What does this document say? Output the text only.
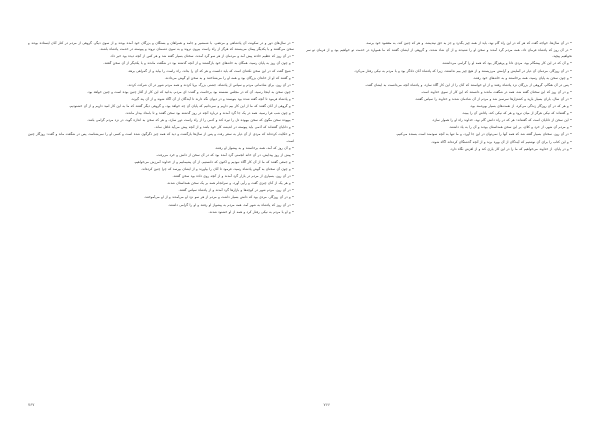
• در سال‌های دور و در سکونت آن پادشاهی و مرتضی، با شمشیر و جامه و همراهان و بستگان و بزرگان خود آمده بودند و از سوی دیگر، گروهی از مردم در کنار آنان ایستاده بودند و سخن می‌گفتند و با یکدیگر پیمان می‌بستند که هرگز از راه راست بیرون نروند و به سوی دشمنان نروند و پیوسته در خدمت پادشاه باشند.

• در آن روز که عظیم حادثه پیش آمد و مردمان از هر سو گرد آمدند، سخنان بسیار گفته شد و هر کس از آنچه دیده بود خبر داد.

• و چون آن روز به پایان رسید، همگان به خانه‌های خود بازگشتند و از آنچه گذشته بود در شگفت ماندند و با یکدیگر از آن سخن گفتند.

• شیخ گفت که در این سخن نکته‌ای است که باید دانست و هر که آن را بداند، راه راست را بیابد و از گمراهی برهد.

• و گفتند که او از خاندان بزرگان بود و همه او را می‌شناختند و به سخن او گوش می‌دادند.

• در آن روز، برای شادمانی مردم و سپاس از پادشاه، جشنی بزرگ برپا کردند و همه مردم شهر در آن شرکت کردند.

• چون سخن به اینجا رسید، آن که در مجلس نشسته بود برخاست و گفت: ای مردم، بدانید که این کار از آغاز چنین بوده است و چنین خواهد بود.

• و پادشاه فرمود تا آنچه گفته شده بود بنویسند و در دیوان نگه دارند تا آیندگان از آن آگاه شوند و از آن پند گیرند.

• و گروهی از آنان گفتند که ما از این کار بیم داریم و نمی‌دانیم که پایان آن چه خواهد بود، و گروهی دیگر گفتند که ما به این کار امید داریم و از آن خشنودیم.

• و چون شب فرا رسید، همه در یک جا گرد آمدند و درباره آنچه در روز گذشته بود سخن گفتند و تا بامداد بیدار ماندند.

• بیهوده سخن مگوی که سخن بیهوده دل را تیره کند و آدمی را از راه راست دور سازد، و هر که سخن به اندازه گوید، در نزد مردم گرامی باشد.

• و دانایان گفته‌اند که آدمی باید پیوسته در اندیشه کار خود باشد و از آنچه پیش می‌آید غافل نماند.

• و حکایت کرده‌اند که مردی از آن دیار به سفر رفت و پس از سال‌ها بازگشت و دید که همه چیز دگرگون شده است و کسی او را نمی‌شناسد، پس در شگفت ماند و گفت: روزگار چنین است.

• و آن روز که آمد، همه برخاستند و به پیشواز او رفتند.

• پیش از روز پیدایش، در آن خانه انجمنی گرد آمده بود که در آن سخن از دانش و خرد می‌رفت.

• و جمعی گفتند که ما از آن کار آگاه نبودیم و اکنون که دانستیم، از آن پشیمانیم و از خداوند آمرزش می‌خواهیم.

• و چون آن سخنان به گوش پادشاه رسید، فرمود تا آنان را بیاورند و از ایشان بپرسد که چرا چنین کرده‌اند.

• در آن روز، بسیاری از مردم در بازار گرد آمدند و از آنچه روی داده بود سخن گفتند.

• و هر یک از آنان چیزی گفت و رأیی آورد، و سرانجام همه بر یک سخن همداستان شدند.

• در آن روز، مردم شهر در کوچه‌ها و بازارها گرد آمدند و از پادشاه سپاس گفتند.

• و در آن روزگار، مردی بود که دانش بسیار داشت و مردم از هر سو نزد او می‌آمدند و از او می‌آموختند.

• در آن روز که پادشاه به شهر آمد، همه مردم به پیشواز او رفتند و او را گرامی داشتند.

• و او با مردم به نیکی رفتار کرد و همه از او خشنود شدند.

• در آن سال‌ها، خواجه گفت که هر که در این راه گام نهد، باید از همه چیز بگذرد و جز به حق نیندیشد، و هر که چنین کند، به مقصود خود برسد.

• در آن روز که پادشاه فرمان داد، همه مردم گرد آمدند و سخن او را شنیدند و از آن شاد شدند، و گروهی از ایشان گفتند که ما همواره در خدمت تو خواهیم بود و از فرمان تو سر نخواهیم پیچید.

• و آن که در این کار پیشگام بود، مردی دانا و پرهیزگار بود که همه او را گرامی می‌داشتند.

• در آن روزگار، مردمان آن دیار در آسایش و آرامش می‌زیستند و از هیچ چیز بیم نداشتند، زیرا که پادشاه آنان دادگر بود و با مردم به نیکی رفتار می‌کرد.

• و چون سخن به پایان رسید، همه برخاستند و به خانه‌های خود رفتند.

• پس در آن هنگام، گروهی از بزرگان نزد پادشاه رفتند و از او خواستند که آنان را از این کار آگاه سازد، و پادشاه آنچه می‌دانست به ایشان گفت.

• و در آن روز که این سخنان گفته شد، همه در شگفت ماندند و دانستند که این کار از سوی خداوند است.

• در آن سال، باران بسیار بارید و کشتزارها سرسبز شد و مردم از آن شادمان شدند و خداوند را سپاس گفتند.

• و هر که در آن روزگار زندگی می‌کرد، از نعمت‌های بسیار بهره‌مند بود.

• و گفته‌اند که نیکی هرگز از میان نرود و هر که نیکی کند، پاداش آن را ببیند.

• این سخن از دانایان است که گفته‌اند: هر که در راه دانش گام نهد، خداوند راه او را هموار سازد.

• و مردم آن شهر، از خرد و کلان، بر این سخن همداستان بودند و آن را به یاد داشتند.

• در آن روز، سخنان بسیار گفته شد که همه آنها را نمی‌توان در این جا آورد، و ما تنها به آنچه سودمند است بسنده می‌کنیم.

• و این کتاب را برای آن نوشتیم که آیندگان از آن بهره برند و از آنچه گذشتگان کرده‌اند آگاه شوند.

• و در پایان، از خداوند می‌خواهیم که ما را در این کار یاری کند و از لغزش نگاه دارد.

۷۶۷	۷۶۶
